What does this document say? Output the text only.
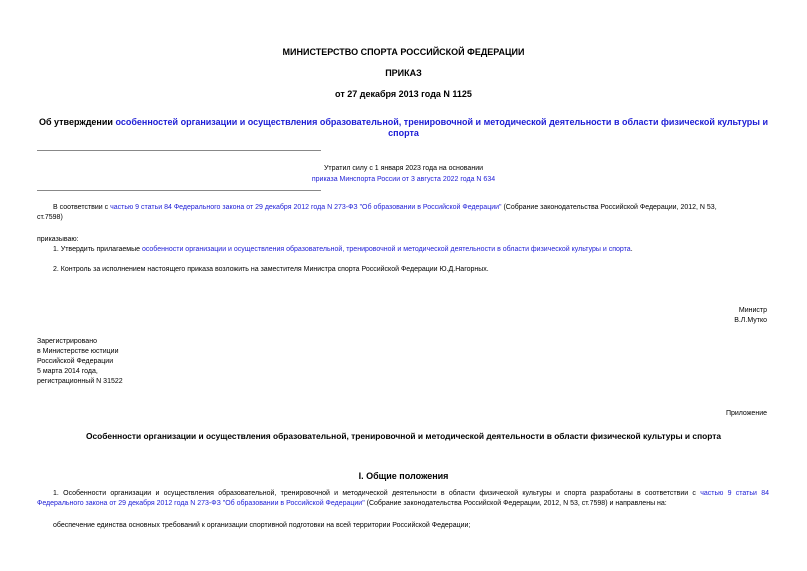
МИНИСТЕРСТВО СПОРТА РОССИЙСКОЙ ФЕДЕРАЦИИ
ПРИКАЗ
от 27 декабря 2013 года N 1125
Об утверждении особенностей организации и осуществления образовательной, тренировочной и методической деятельности в области физической культуры и
спорта
Утратил силу с 1 января 2023 года на основании
приказа Минспорта России от 3 августа 2022 года N 634
В соответствии с частью 9 статьи 84 Федерального закона от 29 декабря 2012 года N 273-ФЗ "Об образовании в Российской Федерации" (Собрание законодательства Российской Федерации, 2012, N 53,
ст.7598)
приказываю:
1. Утвердить прилагаемые особенности организации и осуществления образовательной, тренировочной и методической деятельности в области физической культуры и спорта.
2. Контроль за исполнением настоящего приказа возложить на заместителя Министра спорта Российской Федерации Ю.Д.Нагорных.
Министр
В.Л.Мутко
Зарегистрировано
в Министерстве юстиции
Российской Федерации
5 марта 2014 года,
регистрационный N 31522
Приложение
Особенности организации и осуществления образовательной, тренировочной и методической деятельности в области физической культуры и спорта
I. Общие положения
1. Особенности организации и осуществления образовательной, тренировочной и методической деятельности в области физической культуры и спорта разработаны в соответствии с частью 9 статьи 84
Федерального закона от 29 декабря 2012 года N 273-ФЗ "Об образовании в Российской Федерации" (Собрание законодательства Российской Федерации, 2012, N 53, ст.7598) и направлены на:
обеспечение единства основных требований к организации спортивной подготовки на всей территории Российской Федерации;
